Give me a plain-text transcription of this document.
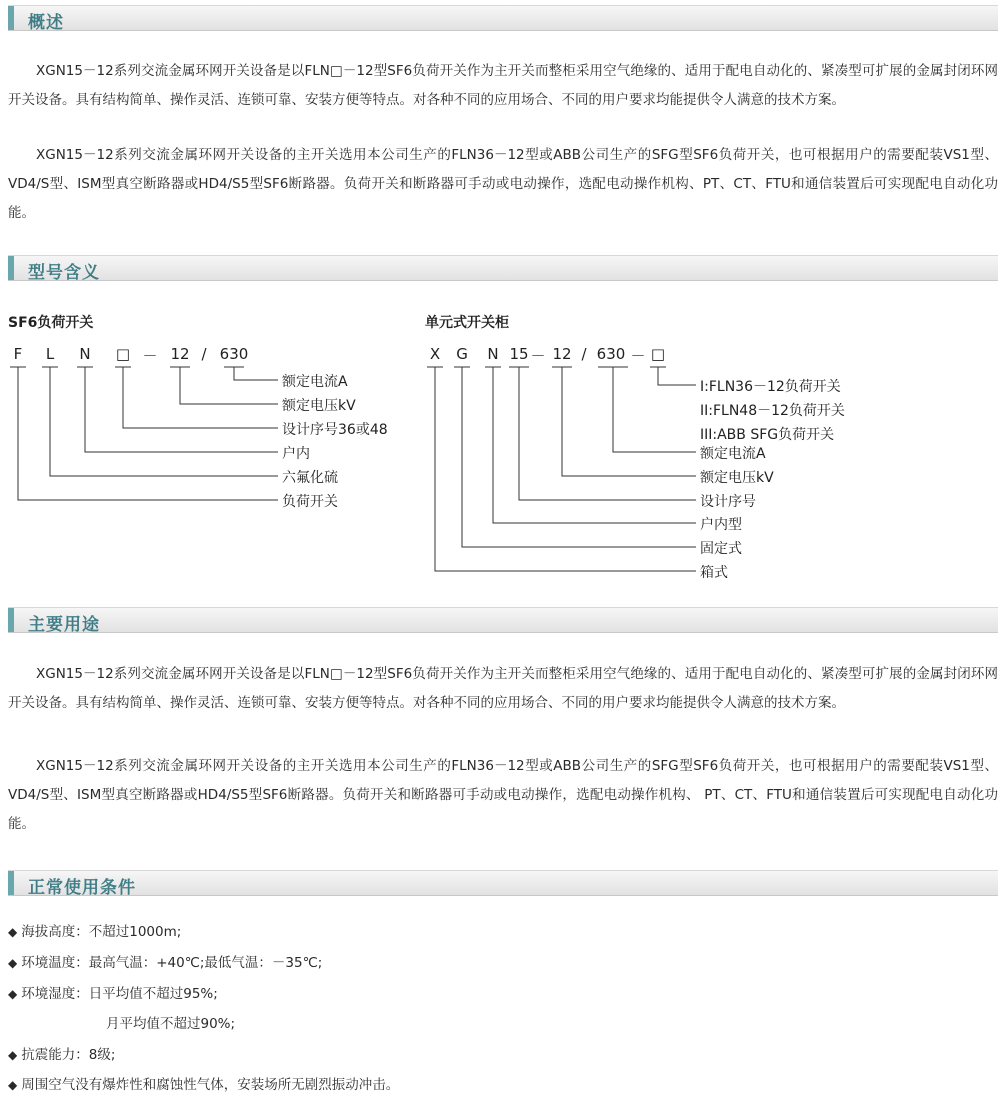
概述
XGN15－12系列交流金属环网开关设备是以FLN□－12型SF6负荷开关作为主开关而整柜采用空气绝缘的、适用于配电自动化的、紧凑型可扩展的金属封闭环网开关设备。具有结构简单、操作灵活、连锁可靠、安装方便等特点。对各种不同的应用场合、不同的用户要求均能提供令人满意的技术方案。
XGN15－12系列交流金属环网开关设备的主开关选用本公司生产的FLN36－12型或ABB公司生产的SFG型SF6负荷开关，也可根据用户的需要配装VS1型、VD4/S型、ISM型真空断路器或HD4/S5型SF6断路器。负荷开关和断路器可手动或电动操作，选配电动操作机构、PT、CT、FTU和通信装置后可实现配电自动化功能。
型号含义
SF6负荷开关
F	L	N □ － 12 / 630
额定电流A
额定电压kV
设计序号36或48
户内
六氟化硫
负荷开关
单元式开关柜
X	G N 15 － 12 / 630 － □
I:FLN36－12负荷开关
II:FLN48－12负荷开关
III:ABB SFG负荷开关
额定电流A
额定电压kV
设计序号
户内型
固定式
箱式
主要用途
XGN15－12系列交流金属环网开关设备是以FLN□－12型SF6负荷开关作为主开关而整柜采用空气绝缘的、适用于配电自动化的、紧凑型可扩展的金属封闭环网开关设备。具有结构简单、操作灵活、连锁可靠、安装方便等特点。对各种不同的应用场合、不同的用户要求均能提供令人满意的技术方案。
XGN15－12系列交流金属环网开关设备的主开关选用本公司生产的FLN36－12型或ABB公司生产的SFG型SF6负荷开关，也可根据用户的需要配装VS1型、VD4/S型、ISM型真空断路器或HD4/S5型SF6断路器。负荷开关和断路器可手动或电动操作，选配电动操作机构、 PT、CT、FTU和通信装置后可实现配电自动化功能。
正常使用条件
◆ 海拔高度：不超过1000m;
◆ 环境温度：最高气温：+40℃;最低气温：－35℃;
◆ 环境湿度：日平均值不超过95%;
月平均值不超过90%;
◆ 抗震能力：8级;
◆ 周围空气没有爆炸性和腐蚀性气体，安装场所无剧烈振动冲击。
